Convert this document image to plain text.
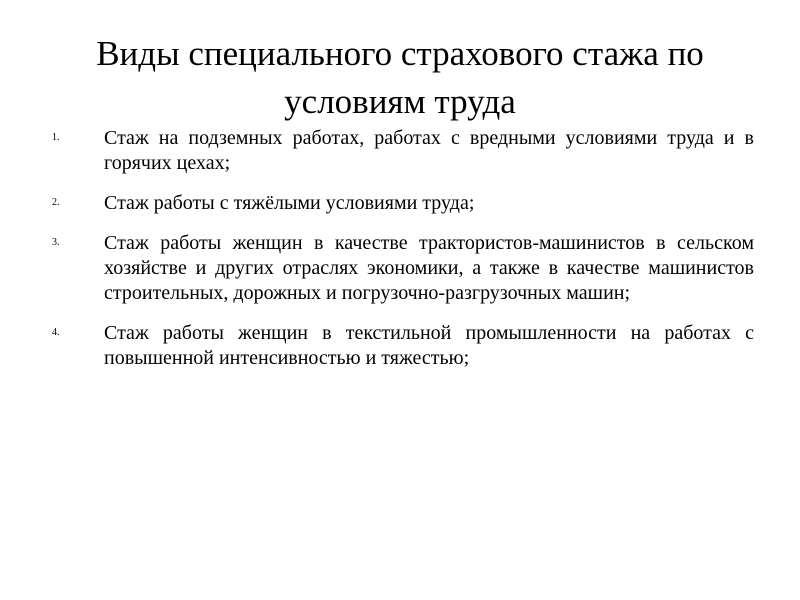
Виды специального страхового стажа по условиям труда
1. Стаж на подземных работах, работах с вредными условиями труда и в горячих цехах;
2. Стаж работы с тяжёлыми условиями труда;
3. Стаж работы женщин в качестве трактористов-машинистов в сельском хозяйстве и других отраслях экономики, а также в качестве машинистов строительных, дорожных и погрузочно-разгрузочных машин;
4. Стаж работы женщин в текстильной промышленности на работах с повышенной интенсивностью и тяжестью;
